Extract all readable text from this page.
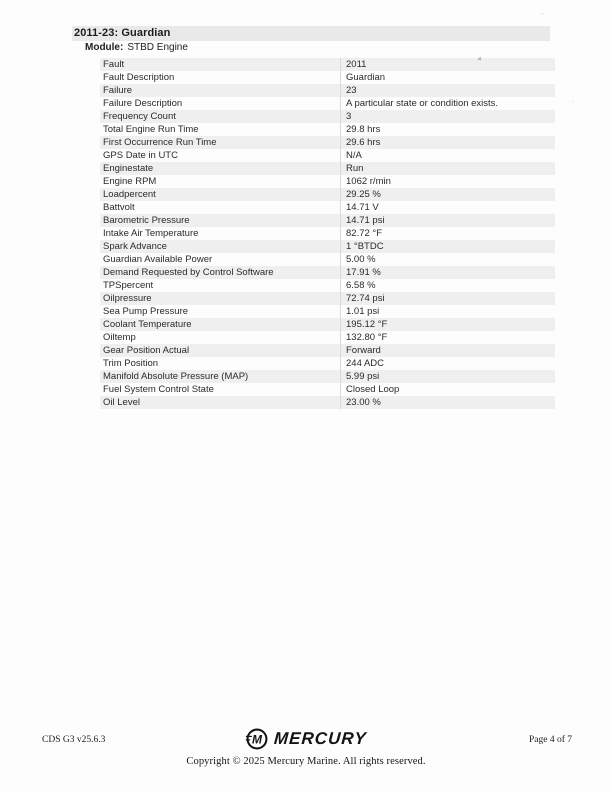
2011-23: Guardian
Module: STBD Engine
Fault	2011
Fault Description	Guardian
Failure	23
Failure Description	A particular state or condition exists.
Frequency Count	3
Total Engine Run Time	29.8 hrs
First Occurrence Run Time	29.6 hrs
GPS Date in UTC	N/A
Enginestate	Run
Engine RPM	1062 r/min
Loadpercent	29.25 %
Battvolt	14.71 V
Barometric Pressure	14.71 psi
Intake Air Temperature	82.72 °F
Spark Advance	1 °BTDC
Guardian Available Power	5.00 %
Demand Requested by Control Software	17.91 %
TPSpercent	6.58 %
Oilpressure	72.74 psi
Sea Pump Pressure	1.01 psi
Coolant Temperature	195.12 °F
Oiltemp	132.80 °F
Gear Position Actual	Forward
Trim Position	244 ADC
Manifold Absolute Pressure (MAP)	5.99 psi
Fuel System Control State	Closed Loop
Oil Level	23.00 %
CDS G3 v25.6.3	M MERCURY	Page 4 of 7
Copyright © 2025 Mercury Marine. All rights reserved.
⋅⋅
◂
⋅
